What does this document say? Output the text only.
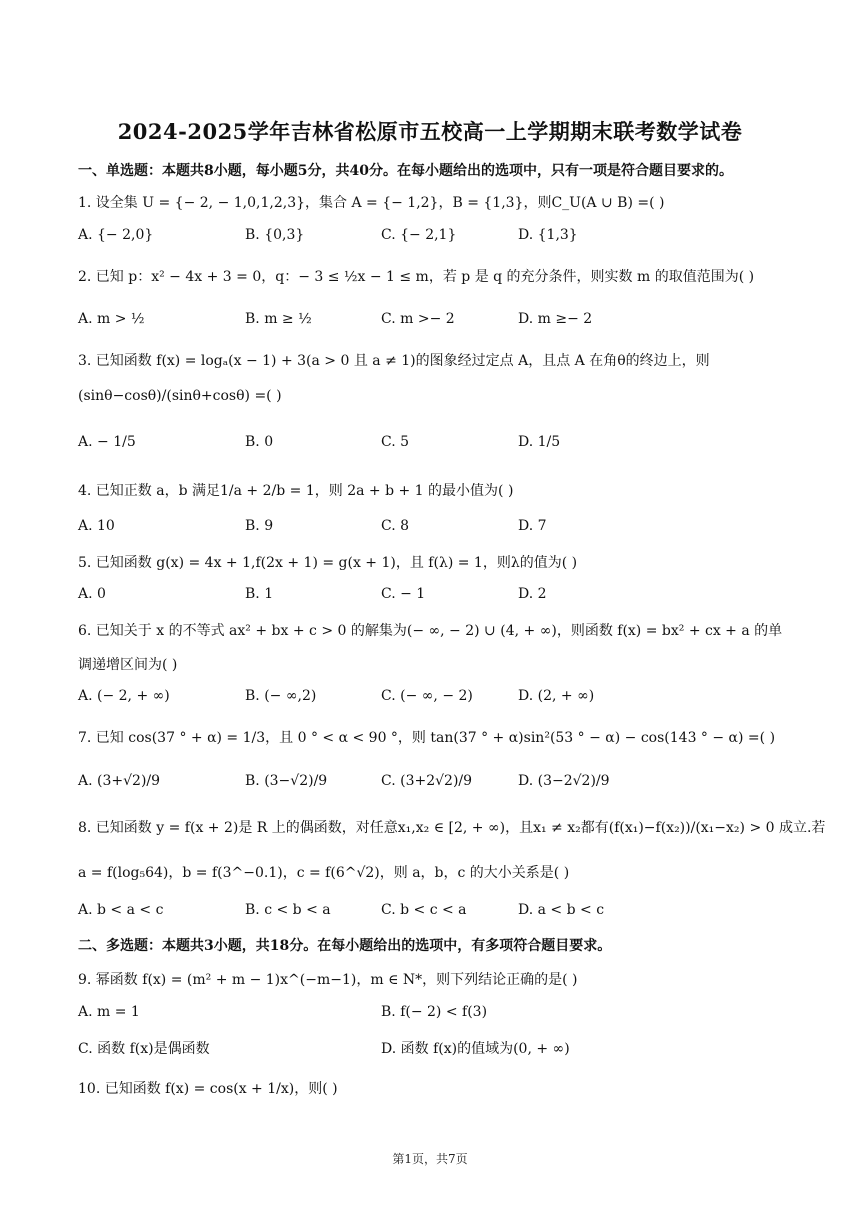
2024-2025学年吉林省松原市五校高一上学期期末联考数学试卷
一、单选题：本题共8小题，每小题5分，共40分。在每小题给出的选项中，只有一项是符合题目要求的。
1. 设全集 U = {− 2, − 1,0,1,2,3}，集合 A = {− 1,2}，B = {1,3}，则C_U(A ∪ B) =( )
A. {− 2,0}	B. {0,3}	C. {− 2,1}	D. {1,3}
2. 已知 p：x² − 4x + 3 = 0，q：− 3 ≤ ½x − 1 ≤ m，若 p 是 q 的充分条件，则实数 m 的取值范围为( )
A. m > ½	B. m ≥ ½	C. m >− 2	D. m ≥− 2
3. 已知函数 f(x) = logₐ(x − 1) + 3(a > 0 且 a ≠ 1)的图象经过定点 A，且点 A 在角θ的终边上，则
(sinθ−cosθ)/(sinθ+cosθ) =( )
A. − 1/5	B. 0	C. 5	D. 1/5
4. 已知正数 a，b 满足1/a + 2/b = 1，则 2a + b + 1 的最小值为( )
A. 10	B. 9	C. 8	D. 7
5. 已知函数 g(x) = 4x + 1,f(2x + 1) = g(x + 1)，且 f(λ) = 1，则λ的值为( )
A. 0	B. 1	C. − 1	D. 2
6. 已知关于 x 的不等式 ax² + bx + c > 0 的解集为(− ∞, − 2) ∪ (4, + ∞)，则函数 f(x) = bx² + cx + a 的单
调递增区间为( )
A. (− 2, + ∞)	B. (− ∞,2)	C. (− ∞, − 2)	D. (2, + ∞)
7. 已知 cos(37 ° + α) = 1/3，且 0 ° < α < 90 °，则 tan(37 ° + α)sin²(53 ° − α) − cos(143 ° − α) =( )
A. (3+√2)/9	B. (3−√2)/9	C. (3+2√2)/9	D. (3−2√2)/9
8. 已知函数 y = f(x + 2)是 R 上的偶函数，对任意x₁,x₂ ∈ [2, + ∞)，且x₁ ≠ x₂都有(f(x₁)−f(x₂))/(x₁−x₂) > 0 成立.若
a = f(log₅64)，b = f(3^−0.1)，c = f(6^√2)，则 a，b，c 的大小关系是( )
A. b < a < c	B. c < b < a	C. b < c < a	D. a < b < c
二、多选题：本题共3小题，共18分。在每小题给出的选项中，有多项符合题目要求。
9. 幂函数 f(x) = (m² + m − 1)x^(−m−1)，m ∈ N*，则下列结论正确的是( )
A. m = 1	B. f(− 2) < f(3)
C. 函数 f(x)是偶函数	D. 函数 f(x)的值域为(0, + ∞)
10. 已知函数 f(x) = cos(x + 1/x)，则( )
第1页，共7页
